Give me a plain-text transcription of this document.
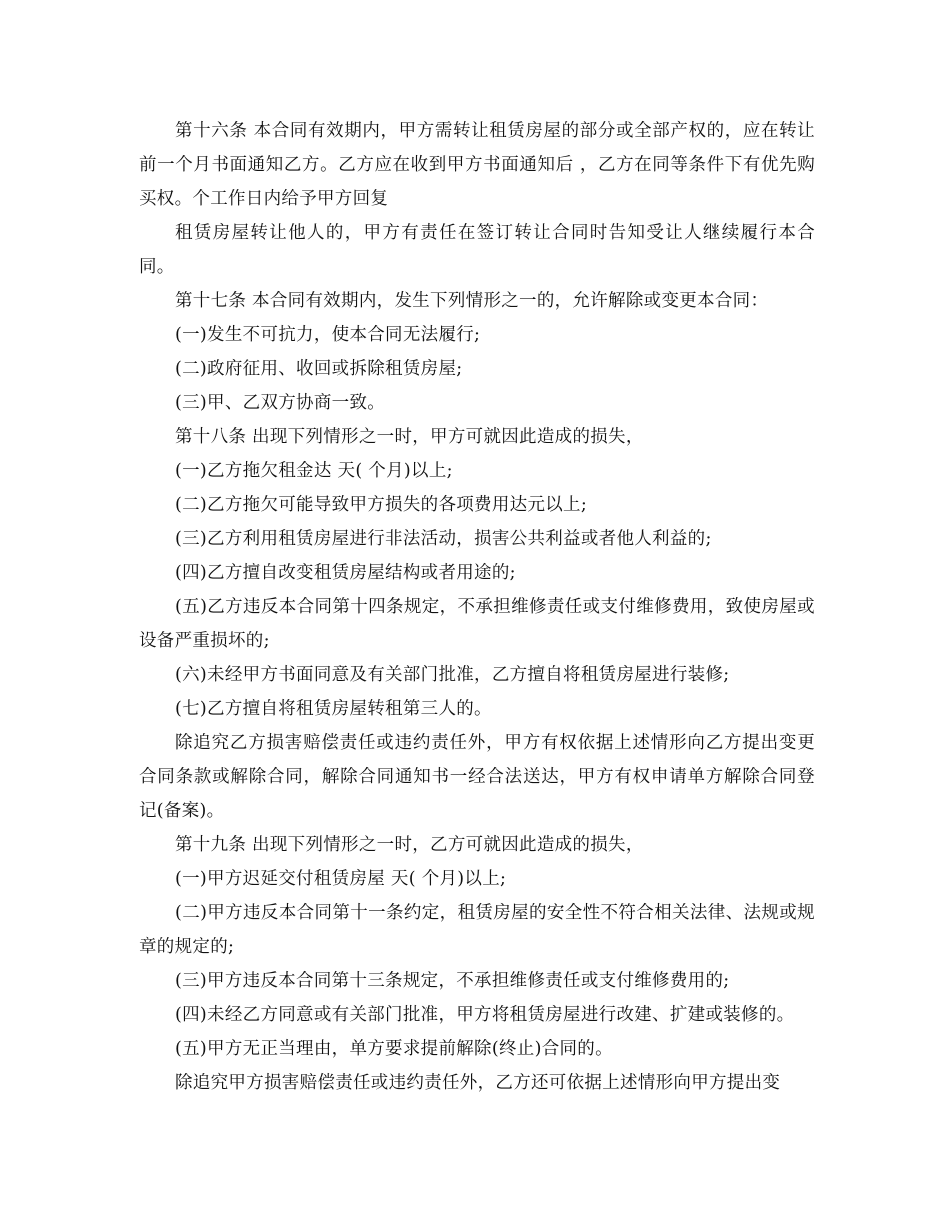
第十六条 本合同有效期内，甲方需转让租赁房屋的部分或全部产权的，应在转让前一个月书面通知乙方。乙方应在收到甲方书面通知后 ，乙方在同等条件下有优先购买权。个工作日内给予甲方回复

租赁房屋转让他人的，甲方有责任在签订转让合同时告知受让人继续履行本合同。

第十七条 本合同有效期内，发生下列情形之一的，允许解除或变更本合同：

(一)发生不可抗力，使本合同无法履行;

(二)政府征用、收回或拆除租赁房屋;

(三)甲、乙双方协商一致。

第十八条 出现下列情形之一时，甲方可就因此造成的损失，

(一)乙方拖欠租金达 天( 个月)以上;

(二)乙方拖欠可能导致甲方损失的各项费用达元以上;

(三)乙方利用租赁房屋进行非法活动，损害公共利益或者他人利益的;

(四)乙方擅自改变租赁房屋结构或者用途的;

(五)乙方违反本合同第十四条规定，不承担维修责任或支付维修费用，致使房屋或设备严重损坏的;

(六)未经甲方书面同意及有关部门批准，乙方擅自将租赁房屋进行装修;

(七)乙方擅自将租赁房屋转租第三人的。

除追究乙方损害赔偿责任或违约责任外，甲方有权依据上述情形向乙方提出变更合同条款或解除合同，解除合同通知书一经合法送达，甲方有权申请单方解除合同登记(备案)。

第十九条 出现下列情形之一时，乙方可就因此造成的损失，

(一)甲方迟延交付租赁房屋 天( 个月)以上;

(二)甲方违反本合同第十一条约定，租赁房屋的安全性不符合相关法律、法规或规章的规定的;

(三)甲方违反本合同第十三条规定，不承担维修责任或支付维修费用的;

(四)未经乙方同意或有关部门批准，甲方将租赁房屋进行改建、扩建或装修的。

(五)甲方无正当理由，单方要求提前解除(终止)合同的。

除追究甲方损害赔偿责任或违约责任外，乙方还可依据上述情形向甲方提出变
